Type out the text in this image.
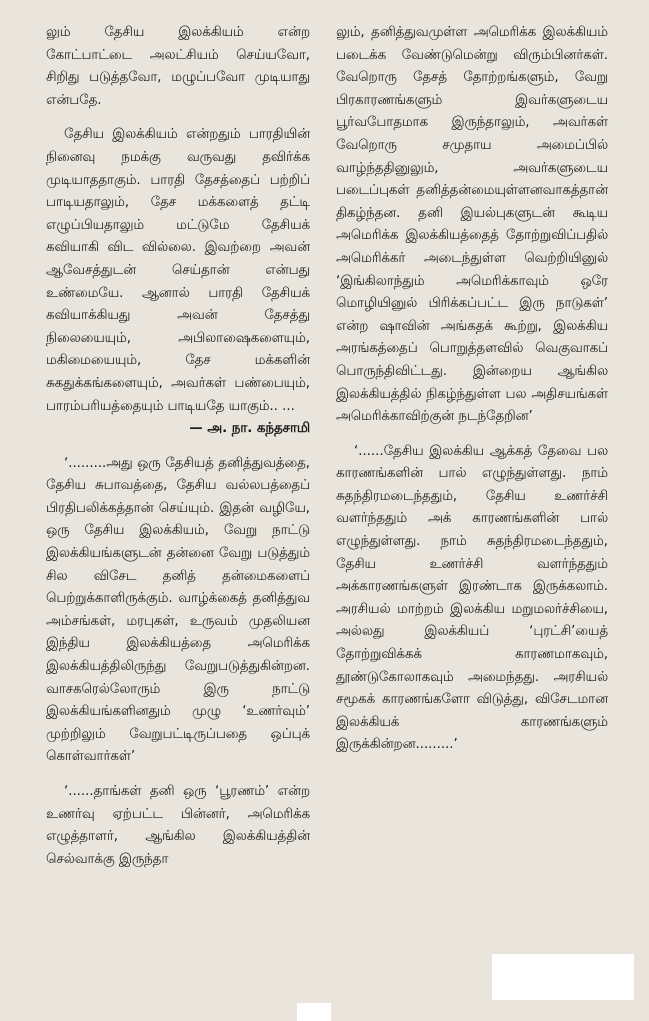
லும் தேசிய இலக்கியம் என்ற கோட்பாட்டை அலட்சியம் செய்யவோ, சிறிது படுத்தவோ, மழுப்பவோ முடியாது என்பதே.

தேசிய இலக்கியம் என்றதும் பாரதியின் நினைவு நமக்கு வருவது தவிர்க்க முடியாததாகும். பாரதி தேசத்தைப் பற்றிப் பாடியதாலும், தேச மக்களைத் தட்டி எழுப்பியதாலும் மட்டுமே தேசியக் கவியாகி விட வில்லை. இவற்றை அவன் ஆவேசத்துடன் செய்தான் என்பது உண்மையே. ஆனால் பாரதி தேசியக் கவியாக்கியது அவன் தேசத்து நிலையையும், அபிலாஷைகளையும், மகிமையையும், தேச மக்களின் சுகதுக்கங்களையும், அவர்கள் பண்பையும், பாரம்பரியத்தையும் பாடியதே யாகும்.. ...

— அ. நா. கந்தசாமி

‘.........அது ஒரு தேசியத் தனித்துவத்தை, தேசிய சுபாவத்தை, தேசிய வல்லபத்தைப் பிரதிபலிக்கத்தான் செய்யும். இதன் வழியே, ஒரு தேசிய இலக்கியம், வேறு நாட்டு இலக்கியங்களுடன் தன்னை வேறு படுத்தும் சில விசேட தனித் தன்மைகளைப் பெற்றுக்காளிருக்கும். வாழ்க்கைத் தனித்துவ அம்சங்கள், மரபுகள், உருவம் முதலியன இந்திய இலக்கியத்தை அமெரிக்க இலக்கியத்திலிருந்து வேறுபடுத்துகின்றன. வாசகரெல்லோரும் இரு நாட்டு இலக்கியங்களினதும் முழு ‘உணர்வும்’ முற்றிலும் வேறுபட்டிருப்பதை ஒப்புக் கொள்வார்கள்’

‘......தாங்கள் தனி ஒரு ‘பூரணம்’ என்ற உணர்வு ஏற்பட்ட பின்னர், அமெரிக்க எழுத்தாளர், ஆங்கில இலக்கியத்தின் செல்வாக்கு இருந்தா

லும், தனித்துவமுள்ள அமெரிக்க இலக்கியம் படைக்க வேண்டுமென்று விரும்பினர்கள். வேறொரு தேசத் தோற்றங்களும், வேறு பிரகாரணங்களும் இவர்களுடைய பூர்வபோதமாக இருந்தாலும், அவர்கள் வேறொரு சமுதாய அமைப்பில் வாழ்ந்ததினுலும், அவர்களுடைய படைப்புகள் தனித்தன்மையுள்ளனவாகத்தான் திகழ்ந்தன. தனி இயல்புகளுடன் கூடிய அமெரிக்க இலக்கியத்தைத் தோற்றுவிப்பதில் அமெரிக்கர் அடைந்துள்ள வெற்றியினுல் ‘இங்கிலாந்தும் அமெரிக்காவும் ஒரே மொழியினுல் பிரிக்கப்பட்ட இரு நாடுகள்’ என்ற ஷாவின் அங்கதக் கூற்று, இலக்கிய அரங்கத்தைப் பொறுத்தளவில் வெகுவாகப் பொருந்திவிட்டது. இன்றைய ஆங்கில இலக்கியத்தில் நிகழ்ந்துள்ள பல அதிசயங்கள் அமெரிக்காவிற்குன் நடந்தேறின’

‘......தேசிய இலக்கிய ஆக்கத் தேவை பல காரணங்களின் பால் எழுந்துள்ளது. நாம் சுதந்திரமடைந்ததும், தேசிய உணர்ச்சி வளர்ந்ததும் அக் காரணங்களின் பால் எழுந்துள்ளது. நாம் சுதந்திரமடைந்ததும், தேசிய உணர்ச்சி வளர்ந்ததும் அக்காரணங்களுள் இரண்டாக இருக்கலாம். அரசியல் மாற்றம் இலக்கிய மறுமலர்ச்சியை, அல்லது இலக்கியப் ‘புரட்சி’யைத் தோற்றுவிக்கக் காரணமாகவும், தூண்டுகோலாகவும் அமைந்தது. அரசியல் சமூகக் காரணங்களோ விடுத்து, விசேடமான இலக்கியக் காரணங்களும் இருக்கின்றன.........’
